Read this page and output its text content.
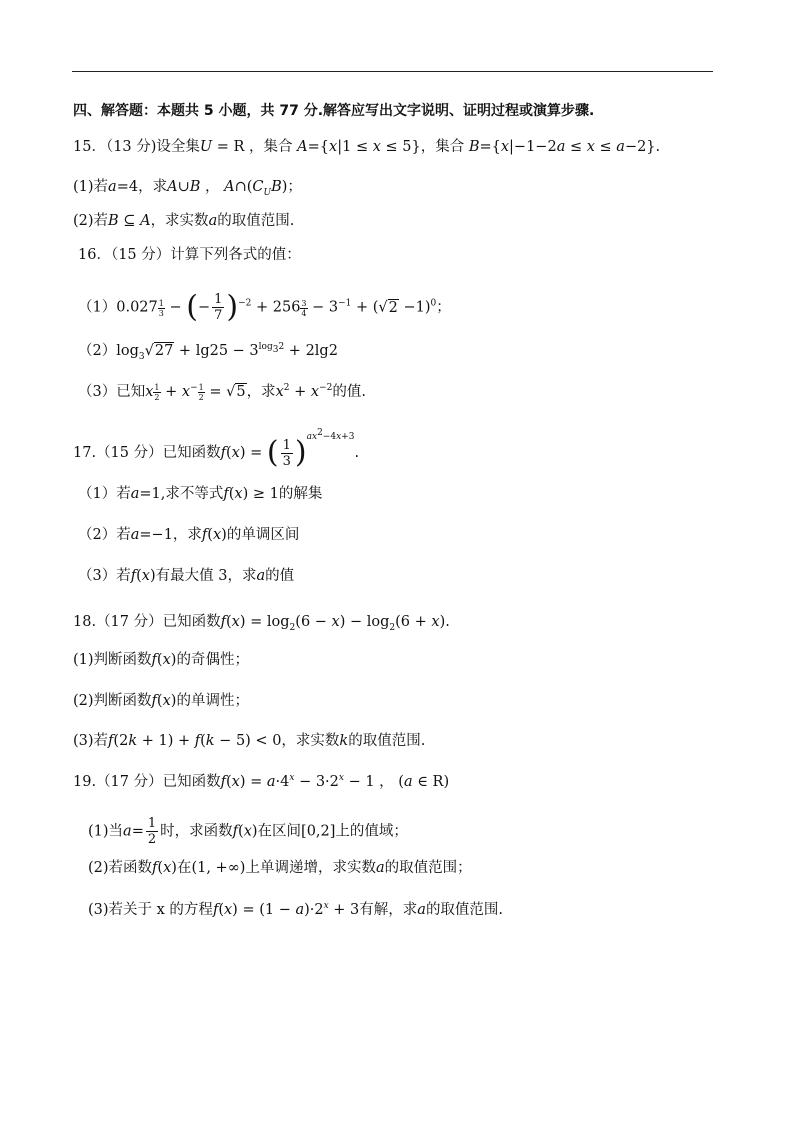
四、解答题：本题共 5 小题，共 77 分.解答应写出文字说明、证明过程或演算步骤.
15．（13 分)设全集U = R ，集合 A={x|1 ≤ x ≤ 5}，集合 B={x|−1−2a ≤ x ≤ a−2}.
(1)若a=4，求A∪B ， $A\cap(C_UB)$；
(2)若B ⊆ A，求实数a的取值范围.
16．（15 分）计算下列各式的值：
$(1)0.027 \frac{1}{3}$ − (− $\frac{1}{7} )^{-2} + 256 \frac{3}{4} - 3^{-1} + (√2 -1)^0$；
$(2)\log_3√27 + \lg 25 - 3^{log_32} + 2\lg 2$
（3）已知x $\frac{1}{2} + x^- \frac{1}{2} = √5$，求$x^2 + x^{-2}$的值.
17.（15 分）已知函数f(x) = ( $\frac{1}{3} )^{ax^2-4x+3}$.
（1）若a=1,求不等式f(x) ≥ 1的解集
（2）若a=−1，求f(x)的单调区间
（3）若f(x)有最大值 3，求a的值
18.（17 分）已知函数$f(x) = \log_2(6 - x) - \log_2(6 + x)$.
(1)判断函数f(x)的奇偶性；
(2)判断函数f(x)的单调性；
(3)若f(2k + 1) + f(k − 5) < 0，求实数k的取值范围.
19.（17 分）已知函数$f(x) = a\cdot 4^x - 3\cdot 2^x - 1$ ， (a ∈ R)
(1)当$a= \frac{1}{2}$ 时，求函数f(x)在区间[0,2]上的值域；
(2)若函数f(x)在(1, +∞)上单调递增，求实数a的取值范围；
(3)若关于 x 的方程$f(x) = (1 - a)\cdot 2^x + 3$有解，求a的取值范围.
